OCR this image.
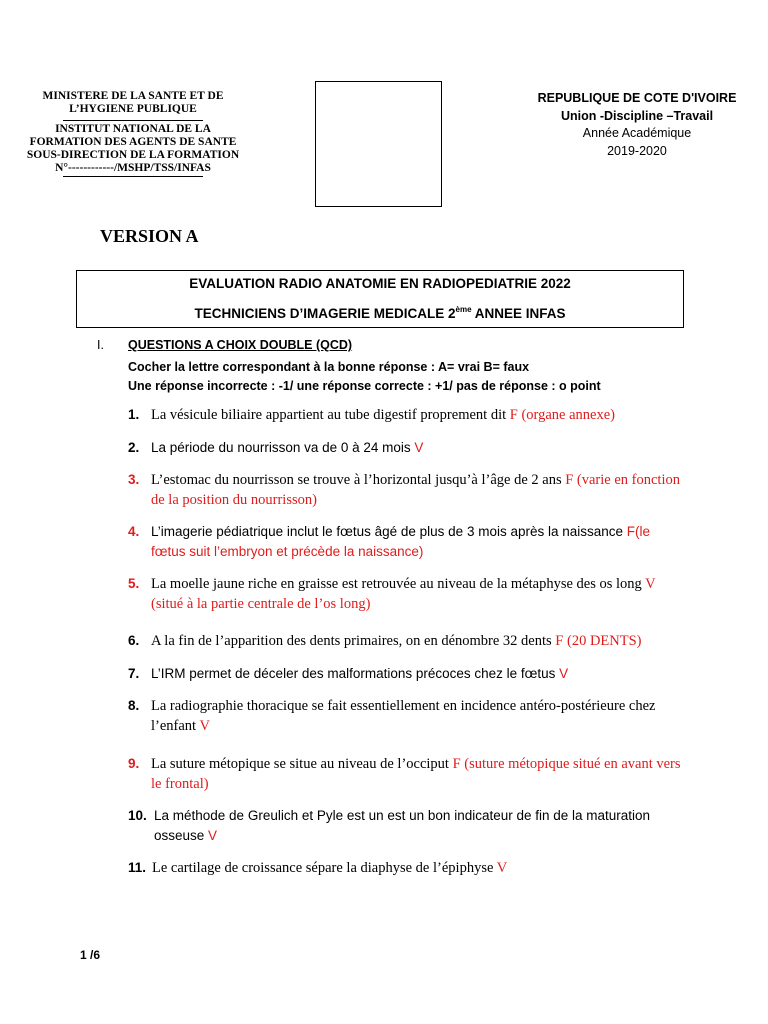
MINISTERE DE LA SANTE ET DE
L’HYGIENE PUBLIQUE
INSTITUT NATIONAL DE LA
FORMATION DES AGENTS DE SANTE
SOUS-DIRECTION DE LA FORMATION
N°------------/MSHP/TSS/INFAS
REPUBLIQUE DE COTE D'IVOIRE
Union -Discipline –Travail
Année Académique
2019-2020
VERSION A
EVALUATION RADIO ANATOMIE EN RADIOPEDIATRIE 2022
TECHNICIENS D’IMAGERIE MEDICALE 2ème ANNEE INFAS
I. QUESTIONS A CHOIX DOUBLE (QCD)
Cocher la lettre correspondant à la bonne réponse : A= vrai B= faux
Une réponse incorrecte : -1/ une réponse correcte : +1/ pas de réponse : o point
1. La vésicule biliaire appartient au tube digestif proprement dit F (organe annexe)
2. La période du nourrisson va de 0 à 24 mois V
3. L’estomac du nourrisson se trouve à l’horizontal jusqu’à l’âge de 2 ans F (varie en fonction de la position du nourrisson)
4. L’imagerie pédiatrique inclut le fœtus âgé de plus de 3 mois après la naissance F(le fœtus suit l’embryon et précède la naissance)
5. La moelle jaune riche en graisse est retrouvée au niveau de la métaphyse des os long V (situé à la partie centrale de l’os long)
6. A la fin de l’apparition des dents primaires, on en dénombre 32 dents F (20 DENTS)
7. L’IRM permet de déceler des malformations précoces chez le fœtus V
8. La radiographie thoracique se fait essentiellement en incidence antéro-postérieure chez l’enfant V
9. La suture métopique se situe au niveau de l’occiput F (suture métopique situé en avant vers le frontal)
10. La méthode de Greulich et Pyle est un est un bon indicateur de fin de la maturation osseuse V
11. Le cartilage de croissance sépare la diaphyse de l’épiphyse V
1 /6
